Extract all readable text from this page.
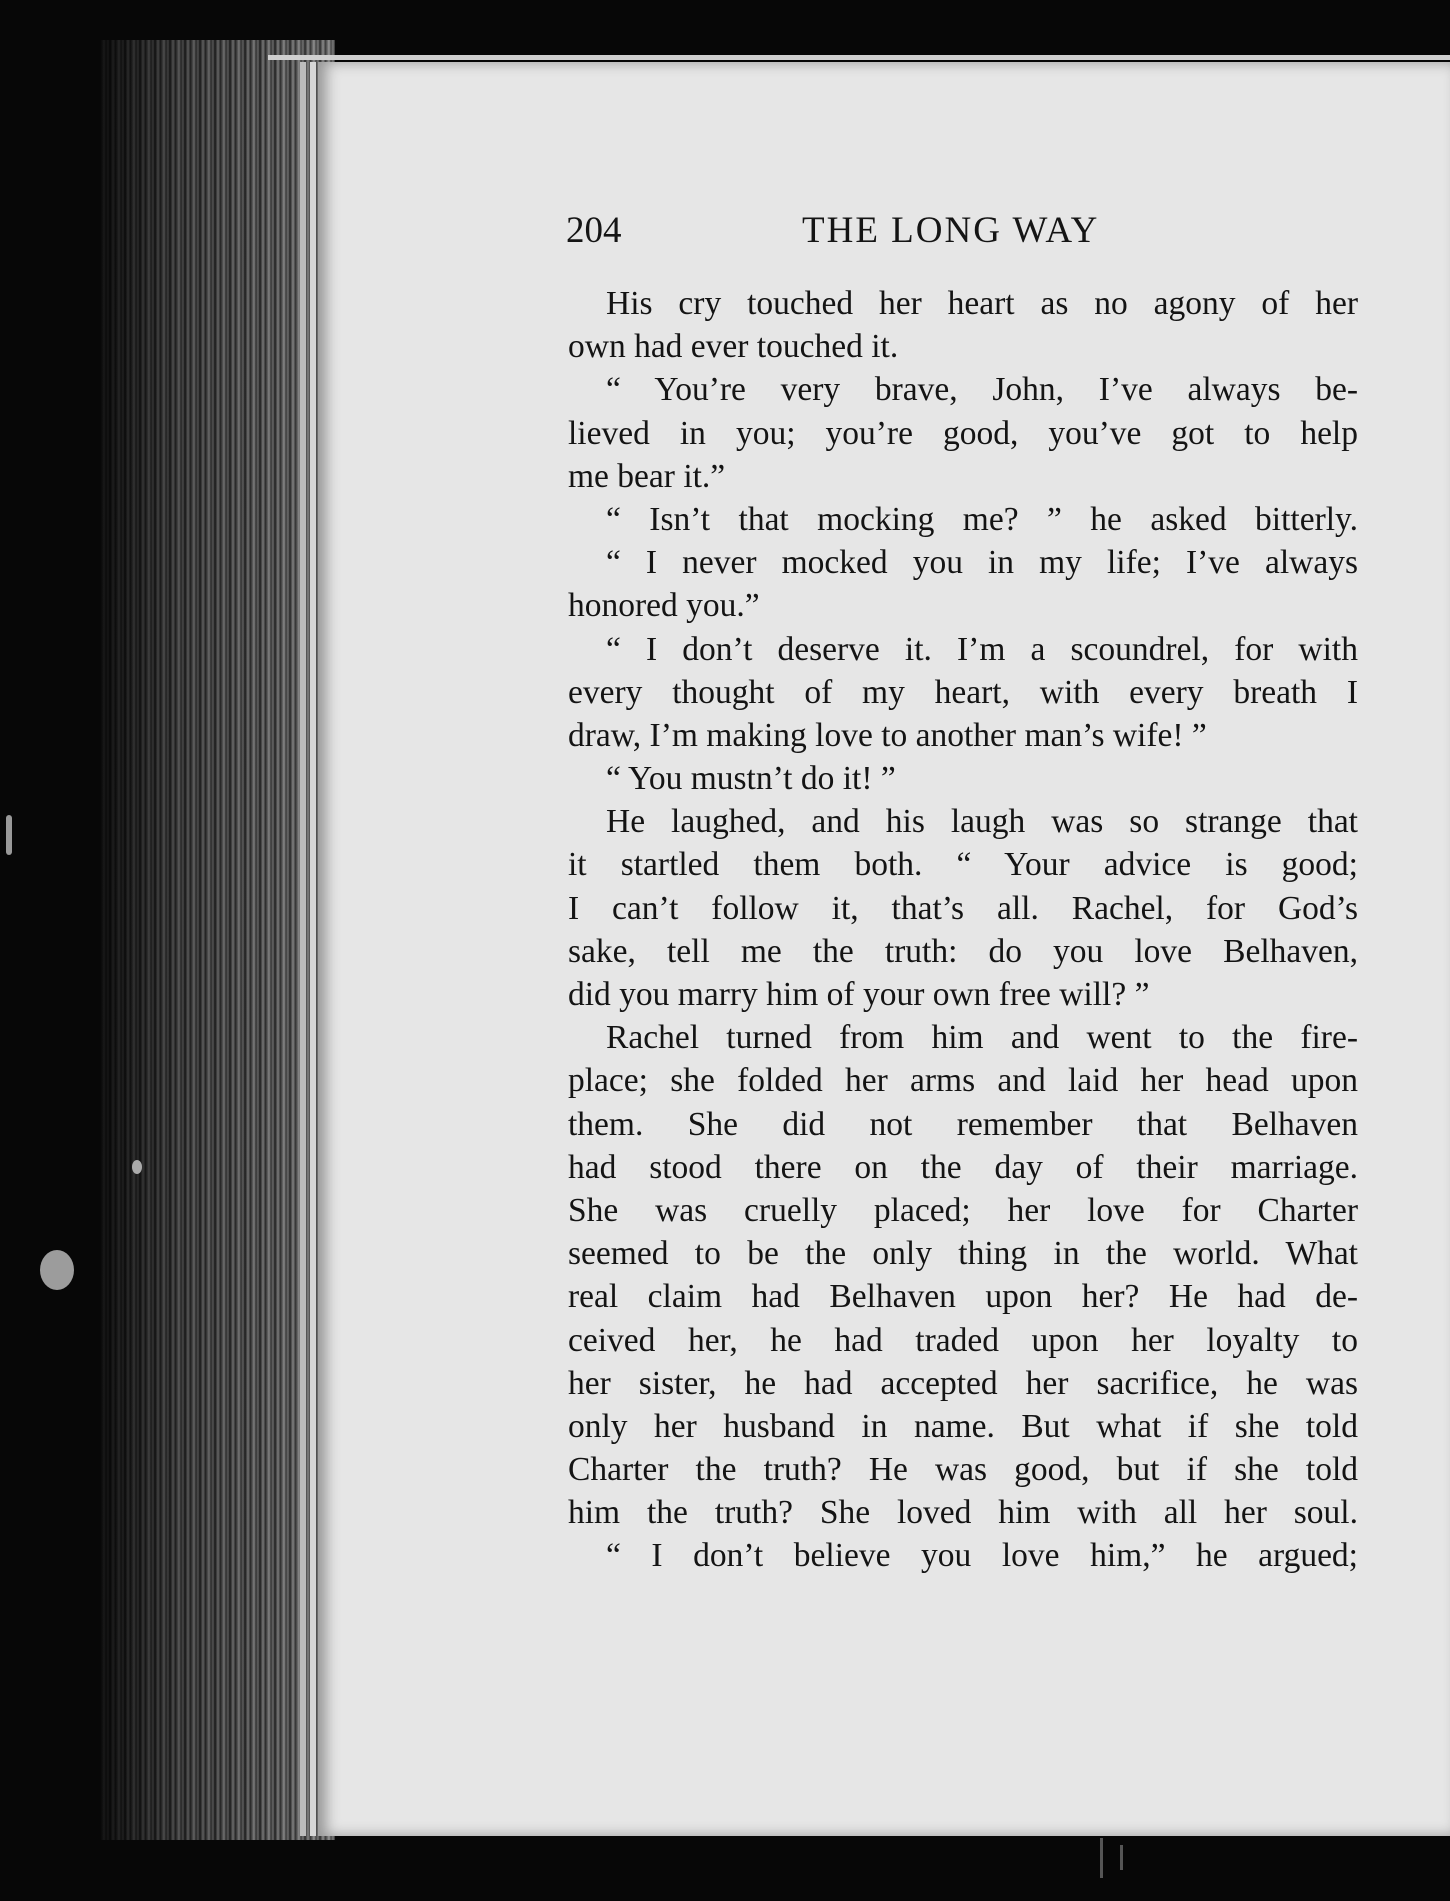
204	THE LONG WAY
His cry touched her heart as no agony of her
own had ever touched it.
“ You’re very brave, John, I’ve always be-
lieved in you; you’re good, you’ve got to help
me bear it.”
“ Isn’t that mocking me? ” he asked bitterly.
“ I never mocked you in my life; I’ve always
honored you.”
“ I don’t deserve it. I’m a scoundrel, for with
every thought of my heart, with every breath I
draw, I’m making love to another man’s wife! ”
“ You mustn’t do it! ”
He laughed, and his laugh was so strange that
it startled them both. “ Your advice is good;
I can’t follow it, that’s all. Rachel, for God’s
sake, tell me the truth: do you love Belhaven,
did you marry him of your own free will? ”
Rachel turned from him and went to the fire-
place; she folded her arms and laid her head upon
them. She did not remember that Belhaven
had stood there on the day of their marriage.
She was cruelly placed; her love for Charter
seemed to be the only thing in the world. What
real claim had Belhaven upon her? He had de-
ceived her, he had traded upon her loyalty to
her sister, he had accepted her sacrifice, he was
only her husband in name. But what if she told
Charter the truth? He was good, but if she told
him the truth? She loved him with all her soul.
“ I don’t believe you love him,” he argued;
